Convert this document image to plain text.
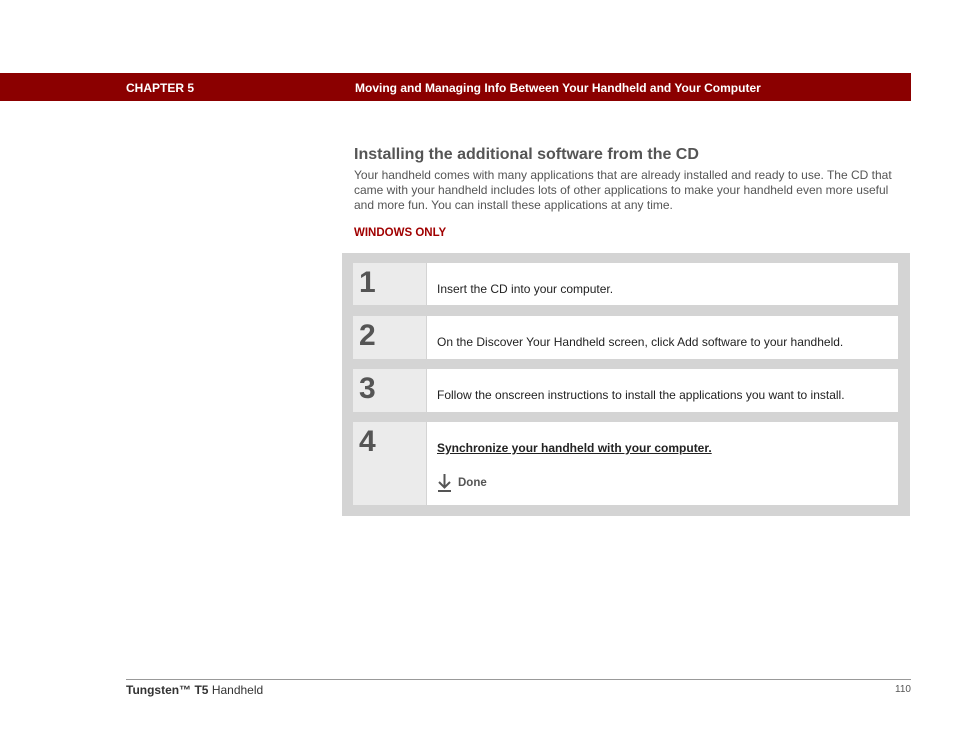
CHAPTER 5	Moving and Managing Info Between Your Handheld and Your Computer
Installing the additional software from the CD
Your handheld comes with many applications that are already installed and ready to use. The CD that came with your handheld includes lots of other applications to make your handheld even more useful and more fun. You can install these applications at any time.
WINDOWS ONLY
1	Insert the CD into your computer.
2	On the Discover Your Handheld screen, click Add software to your handheld.
3	Follow the onscreen instructions to install the applications you want to install.
4	Synchronize your handheld with your computer.
Done
Tungsten™ T5 Handheld	110
